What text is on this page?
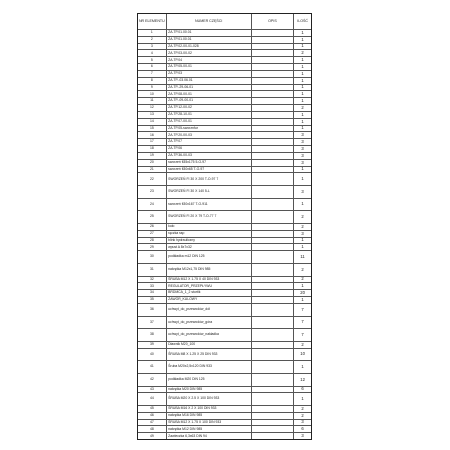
NR ELEMENTU	NUMER CZĘŚCI	OPIS	ILOŚĆ
1	ZA.TP.01.00.01	1
2	ZA.TP.01.00.01	1
3	ZA.TP.02-00-01-028	1
4	ZA.TP.03-00-02	2
5	ZA.TP.04	1
6	ZA.TP.05-00-01	1
7	ZA.TP.03	1
8	ZA.TP.-03.06.01	1
9	ZA.TP.-29-06-01	1
10	ZA.TP.08-00-01	1
11	ZA.TP.-09-00-01	1
12	ZA.TP.12-00-02	2
13	ZA.TP.28-10-01	1
14	ZA.TP.07-00-01	1
15	ZA.TP.05-sworznfur	1
16	ZA.TP.20-00-03	3
17	ZA.TP.07	3
18	ZA.TP.06	3
19	ZA.TP.36-00-03	3
20	sworzeń fi35x175 5-O-97	3
21	sworzeń fi30x65 T-O-97	1
22	SWORZEŃ FI 30 X 200 T-O-97 7	1
23	SWORZEŃ FI 30 X 140 5-L	3
24	sworzeń fi30x167 T-O-911	1
25	SWORZEŃ FI 20 X 79 T-O-77 7	2
26	koło	2
27	rączka ssp	3
28	blink hydrauliczny	1
29	wpust A 8x7x32	1
30	podkładka m12 DIN 125	11
31	nakrętka M12x1,75 DIN 985	2
32	ŚRUBA M12 X 1.75 X 40 DIN 933	2
33	REGULATOR_PRZEPŁYWU	1
34	BRDMCA_1_2 sturtik	20
35	ZAWÓR_KULOWY	1
36	uchwyt_do_przewodów_dół	7
37	uchwyt_do_przewodów_góra	7
38	uchwyt_do_przewodów_nakładka	7
39	Dławnik M20_100	2
40	ŚRUBA M8 X 1.25 X 25 DIN 933	10
41	Śruba M20x2,5x120 DIN 933	1
42	podkładka M20 DIN 125	12
43	nakrętka M20 DIN 985	6
44	ŚRUBA M20 X 2.5 X 100 DIN 933	1
45	ŚRUBA M16 X 2 X 100 DIN 933	2
46	nakrętka M16 DIN 985	2
47	ŚRUBA M12 X 1.75 X 100 DIN 933	3
48	nakrętka M12 DIN 985	6
49	Zawleczka 6,3x63 DIN 94	3
